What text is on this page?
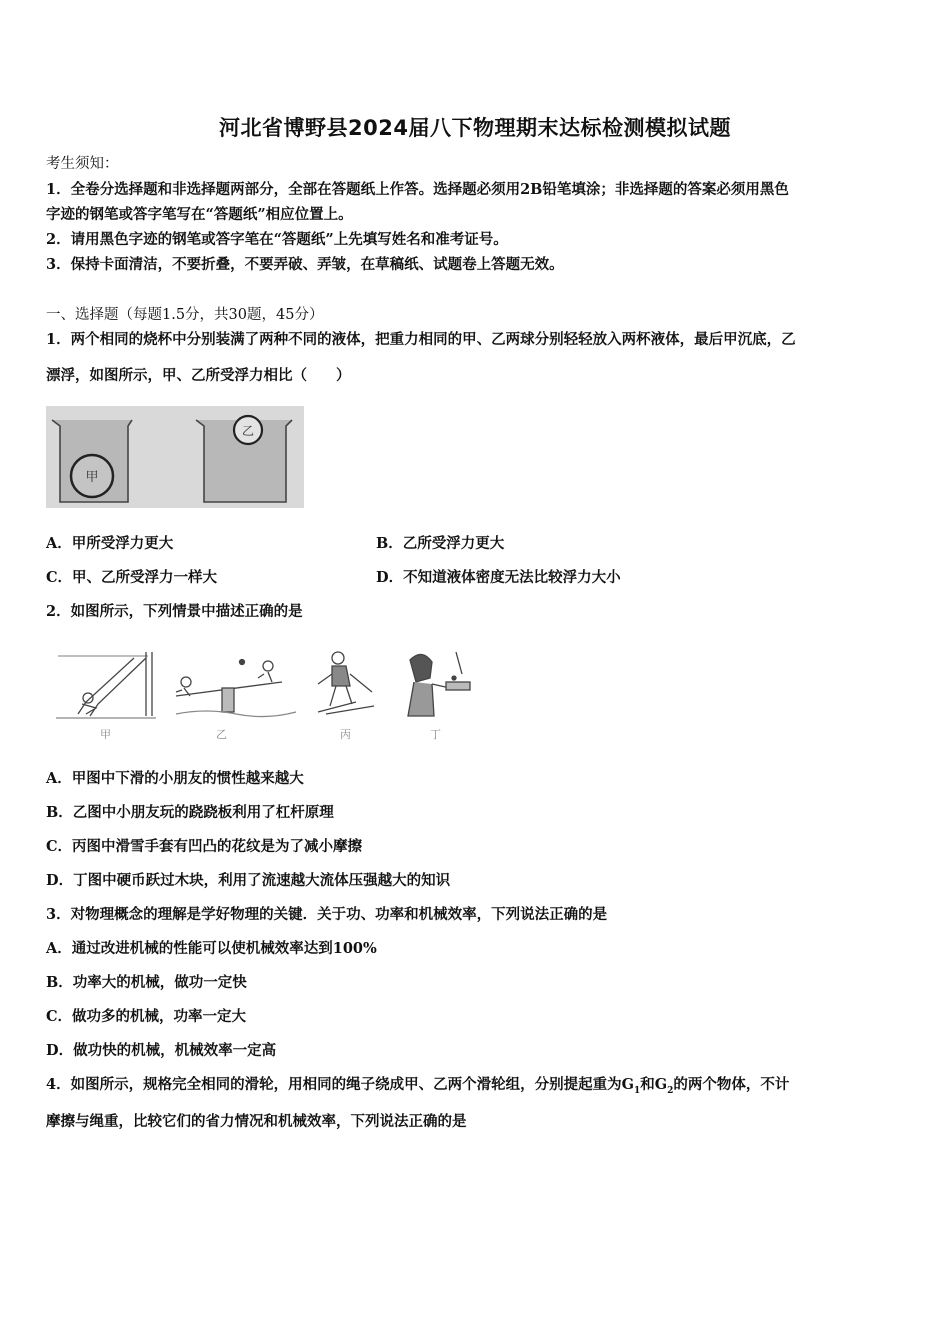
河北省博野县2024届八下物理期末达标检测模拟试题
考生须知：
1．全卷分选择题和非选择题两部分，全部在答题纸上作答。选择题必须用2B铅笔填涂；非选择题的答案必须用黑色
字迹的钢笔或答字笔写在“答题纸”相应位置上。
2．请用黑色字迹的钢笔或答字笔在“答题纸”上先填写姓名和准考证号。
3．保持卡面清洁，不要折叠，不要弄破、弄皱，在草稿纸、试题卷上答题无效。
一、选择题（每题1.5分，共30题，45分）
1．两个相同的烧杯中分别装满了两种不同的液体，把重力相同的甲、乙两球分别轻轻放入两杯液体，最后甲沉底，乙
漂浮，如图所示，甲、乙所受浮力相比（　　）
甲
乙
A．甲所受浮力更大	B．乙所受浮力更大
C．甲、乙所受浮力一样大	D．不知道液体密度无法比较浮力大小
2．如图所示，下列情景中描述正确的是
甲	乙	丙	丁
A．甲图中下滑的小朋友的惯性越来越大
B．乙图中小朋友玩的跷跷板利用了杠杆原理
C．丙图中滑雪手套有凹凸的花纹是为了减小摩擦
D．丁图中硬币跃过木块，利用了流速越大流体压强越大的知识
3．对物理概念的理解是学好物理的关键．关于功、功率和机械效率，下列说法正确的是
A．通过改进机械的性能可以使机械效率达到100%
B．功率大的机械，做功一定快
C．做功多的机械，功率一定大
D．做功快的机械，机械效率一定高
4．如图所示，规格完全相同的滑轮，用相同的绳子绕成甲、乙两个滑轮组，分别提起重为$G_1$和$G_2$的两个物体，不计
摩擦与绳重，比较它们的省力情况和机械效率，下列说法正确的是
